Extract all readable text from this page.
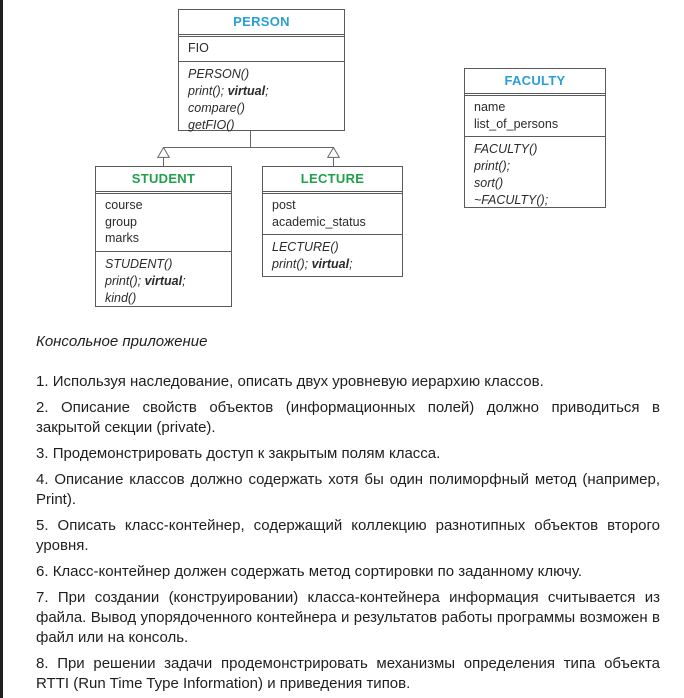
PERSON
FIO
PERSON()
print(); virtual;
compare()
getFIO()
STUDENT
course
group
marks
STUDENT()
print(); virtual;
kind()
LECTURE
post
academic_status
LECTURE()
print(); virtual;
FACULTY
name
list_of_persons
FACULTY()
print();
sort()
~FACULTY();

Консольное приложение

1. Используя наследование, описать двух уровневую иерархию классов.

2. Описание свойств объектов (информационных полей) должно приводиться в закрытой секции (private).

3. Продемонстрировать доступ к закрытым полям класса.

4. Описание классов должно содержать хотя бы один полиморфный метод (например, Print).

5. Описать класс-контейнер, содержащий коллекцию разнотипных объектов второго уровня.

6. Класс-контейнер должен содержать метод сортировки по заданному ключу.

7. При создании (конструировании) класса-контейнера информация считывается из файла. Вывод упорядоченного контейнера и результатов работы программы возможен в файл или на консоль.

8. При решении задачи продемонстрировать механизмы определения типа объекта RTTI (Run Time Type Information) и приведения типов.
